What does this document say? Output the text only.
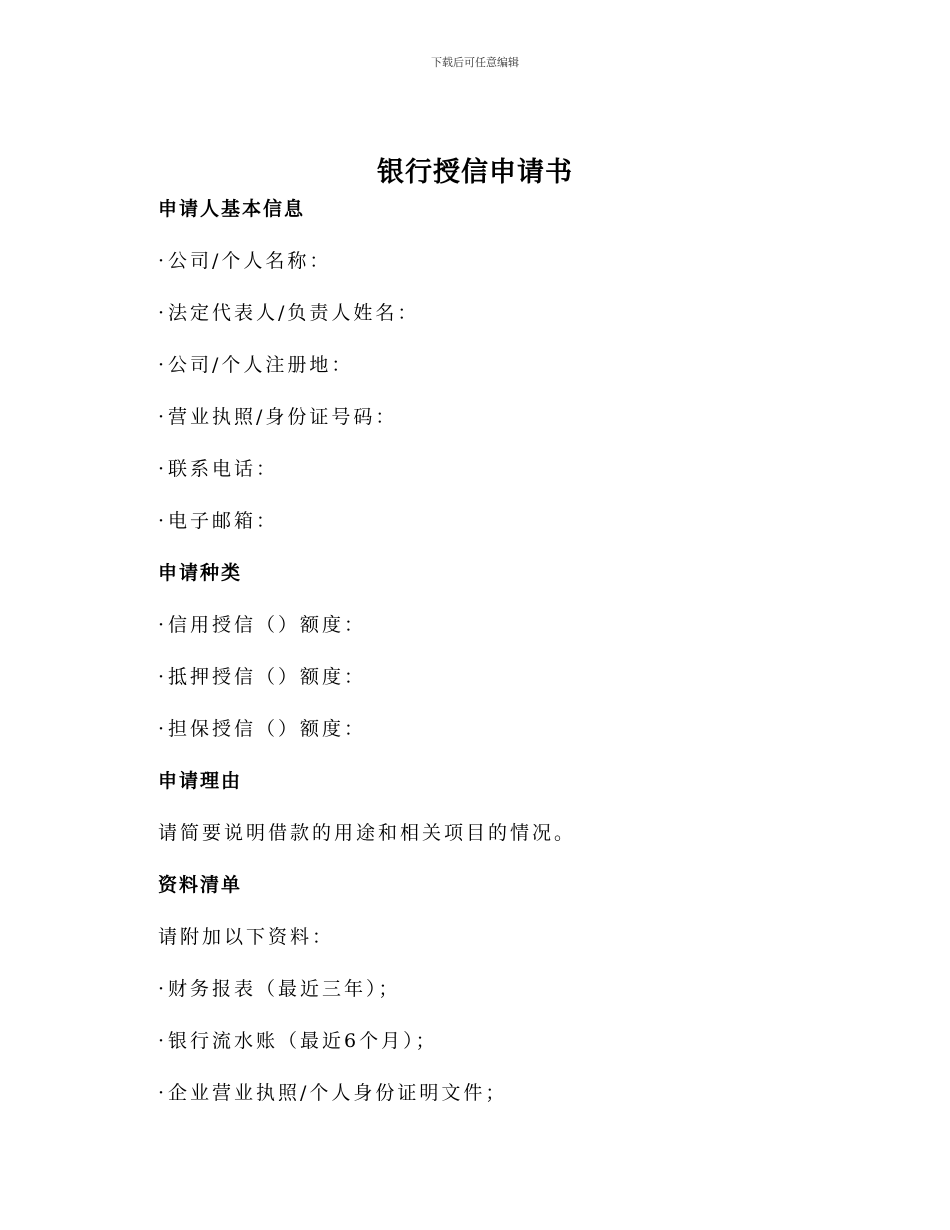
下载后可任意编辑
银行授信申请书
申请人基本信息
· 公司/个人名称：
· 法定代表人/负责人姓名：
· 公司/个人注册地：
· 营业执照/身份证号码：
· 联系电话：
· 电子邮箱：
申请种类
· 信用授信（）额度：
· 抵押授信（）额度：
· 担保授信（）额度：
申请理由
请简要说明借款的用途和相关项目的情况。
资料清单
请附加以下资料：
· 财务报表（最近三年）；
· 银行流水账（最近6个月）；
· 企业营业执照/个人身份证明文件；
